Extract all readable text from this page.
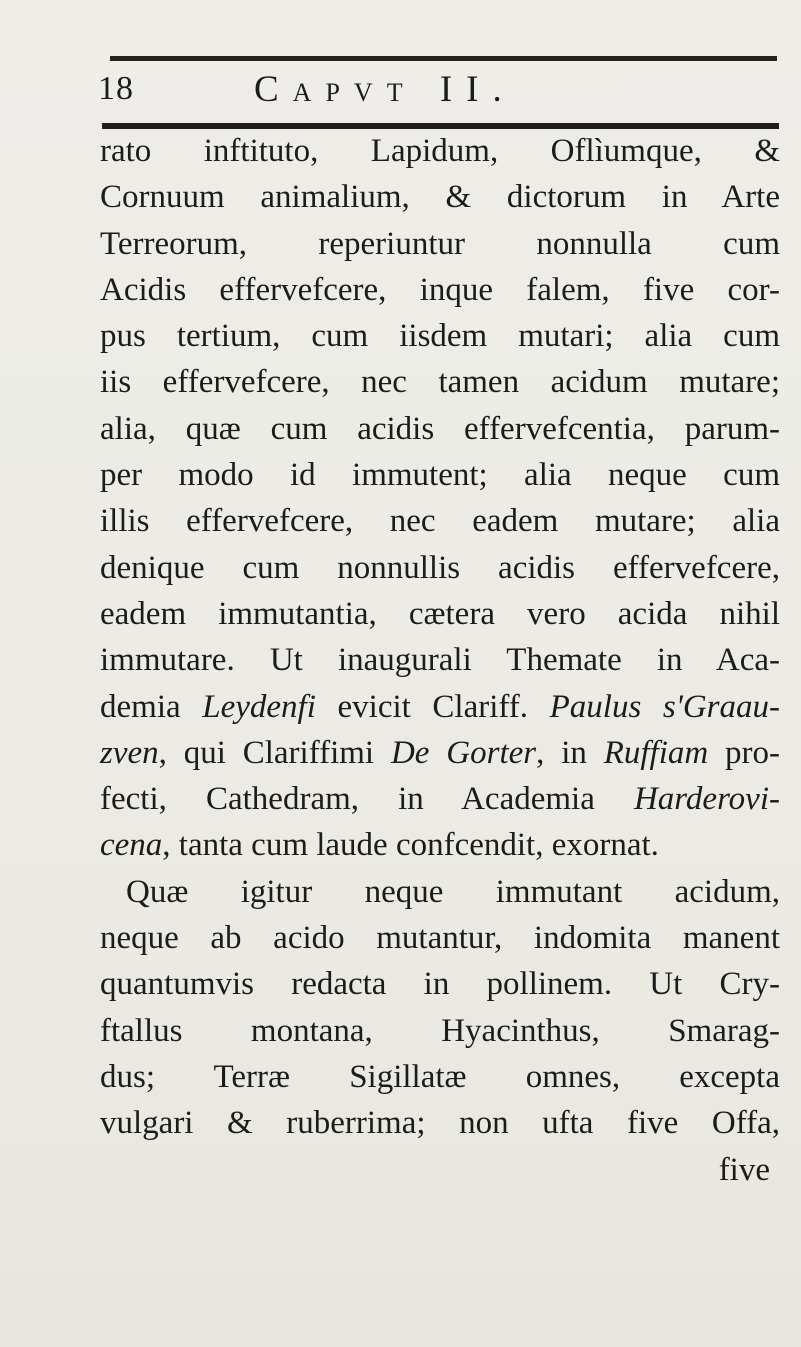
18	Capvt II.
rato inftituto, Lapidum, Oflìumque, &
Cornuum animalium, & dictorum in Arte
Terreorum, reperiuntur nonnulla cum
Acidis effervefcere, inque falem, five cor-
pus tertium, cum iisdem mutari; alia cum
iis effervefcere, nec tamen acidum mutare;
alia, quæ cum acidis effervefcentia, parum-
per modo id immutent; alia neque cum
illis effervefcere, nec eadem mutare; alia
denique cum nonnullis acidis effervefcere,
eadem immutantia, cætera vero acida nihil
immutare. Ut inaugurali Themate in Aca-
demia Leydenfi evicit Clariff. Paulus s'Graau-
zven, qui Clariffimi De Gorter, in Ruffiam pro-
fecti, Cathedram, in Academia Harderovi-
cena, tanta cum laude confcendit, exornat.
Quæ igitur neque immutant acidum,
neque ab acido mutantur, indomita manent
quantumvis redacta in pollinem. Ut Cry-
ftallus montana, Hyacinthus, Smarag-
dus; Terræ Sigillatæ omnes, excepta
vulgari & ruberrima; non ufta five Offa,
five
